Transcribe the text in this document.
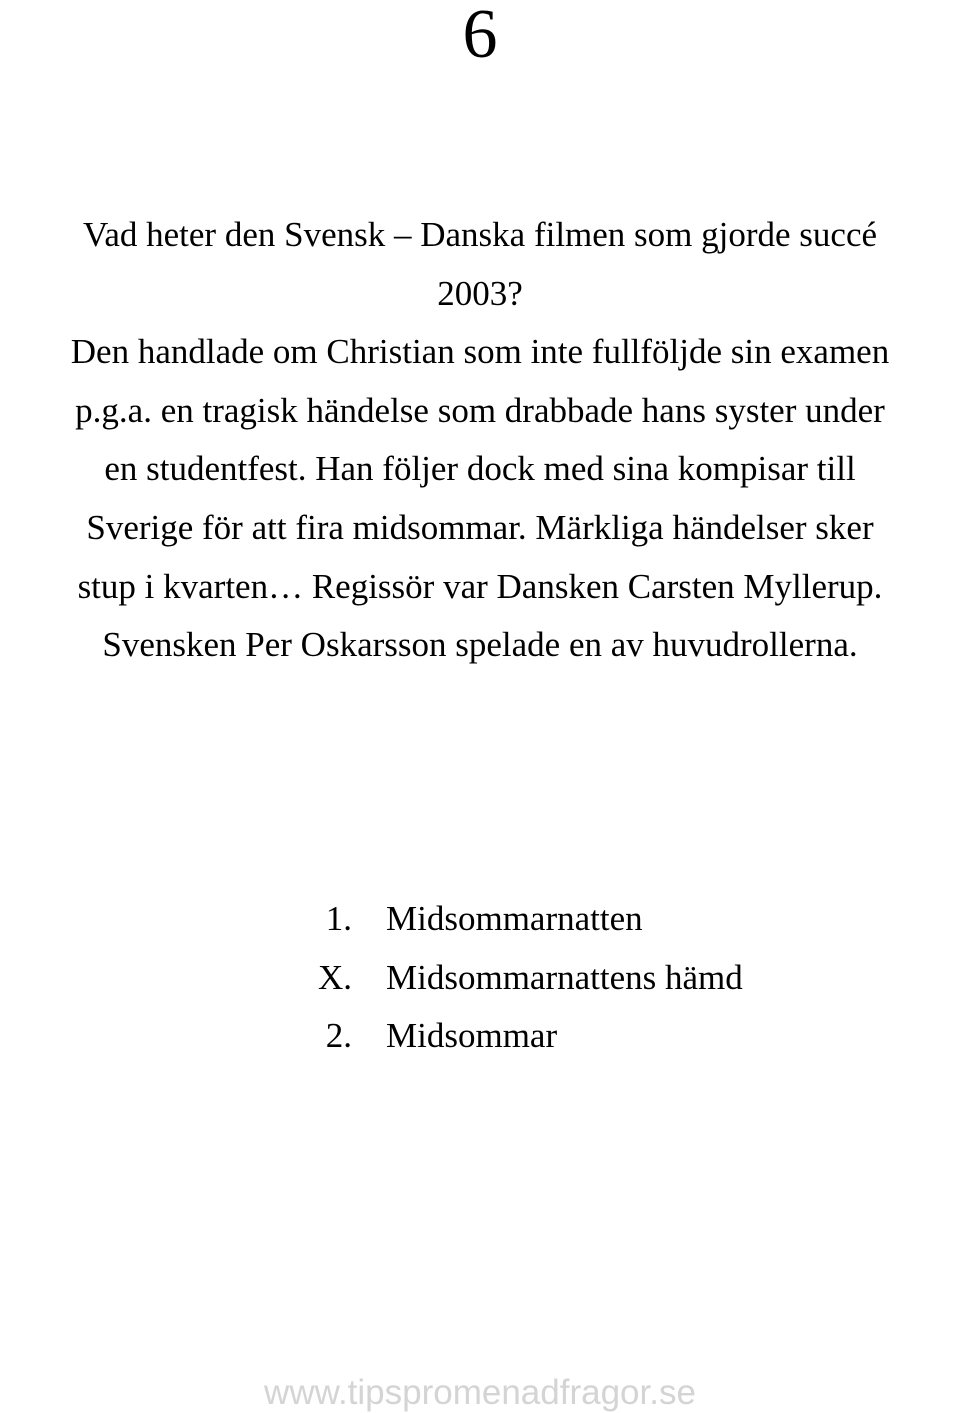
6
Vad heter den Svensk – Danska filmen som gjorde succé
2003?
Den handlade om Christian som inte fullföljde sin examen
p.g.a. en tragisk händelse som drabbade hans syster under
en studentfest. Han följer dock med sina kompisar till
Sverige för att fira midsommar. Märkliga händelser sker
stup i kvarten… Regissör var Dansken Carsten Myllerup.
Svensken Per Oskarsson spelade en av huvudrollerna.
1. Midsommarnatten
X. Midsommarnattens hämd
2. Midsommar
www.tipspromenadfragor.se
